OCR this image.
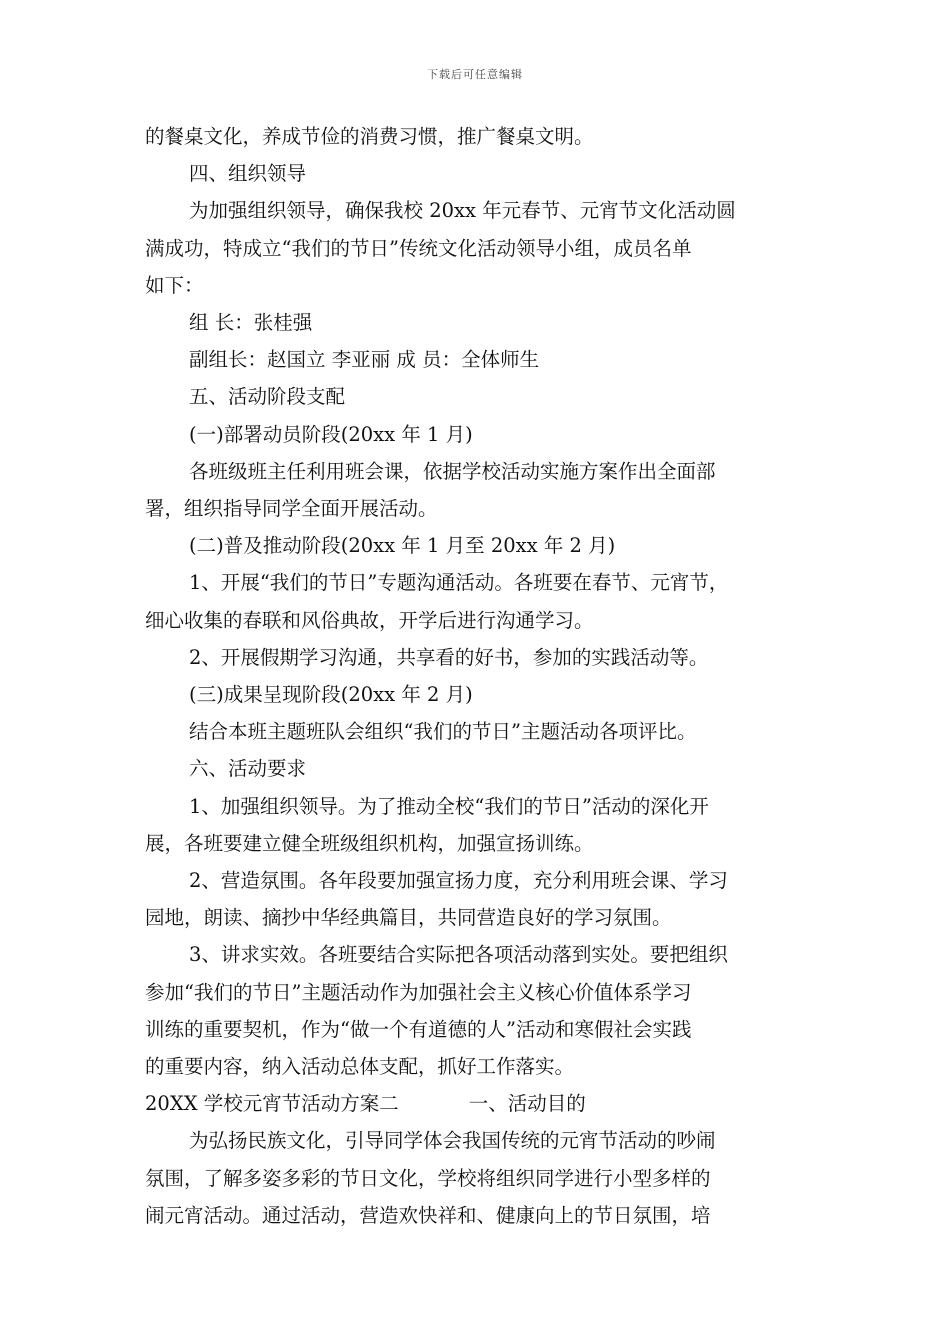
下载后可任意编辑

的餐桌文化，养成节俭的消费习惯，推广餐桌文明。

四、组织领导

为加强组织领导，确保我校 20xx 年元春节、元宵节文化活动圆

满成功，特成立“我们的节日”传统文化活动领导小组，成员名单

如下：

组 长：张桂强

副组长：赵国立 李亚丽 成 员：全体师生

五、活动阶段支配

(一)部署动员阶段(20xx 年 1 月)

各班级班主任利用班会课，依据学校活动实施方案作出全面部

署，组织指导同学全面开展活动。

(二)普及推动阶段(20xx 年 1 月至 20xx 年 2 月)

1、开展“我们的节日”专题沟通活动。各班要在春节、元宵节，

细心收集的春联和风俗典故，开学后进行沟通学习。

2、开展假期学习沟通，共享看的好书，参加的实践活动等。

(三)成果呈现阶段(20xx 年 2 月)

结合本班主题班队会组织“我们的节日”主题活动各项评比。

六、活动要求

1、加强组织领导。为了推动全校“我们的节日”活动的深化开

展，各班要建立健全班级组织机构，加强宣扬训练。

2、营造氛围。各年段要加强宣扬力度，充分利用班会课、学习

园地，朗读、摘抄中华经典篇目，共同营造良好的学习氛围。

3、讲求实效。各班要结合实际把各项活动落到实处。要把组织

参加“我们的节日”主题活动作为加强社会主义核心价值体系学习

训练的重要契机，作为“做一个有道德的人”活动和寒假社会实践

的重要内容，纳入活动总体支配，抓好工作落实。

20XX 学校元宵节活动方案二	一、活动目的

为弘扬民族文化，引导同学体会我国传统的元宵节活动的吵闹

氛围，了解多姿多彩的节日文化，学校将组织同学进行小型多样的

闹元宵活动。通过活动，营造欢快祥和、健康向上的节日氛围，培
